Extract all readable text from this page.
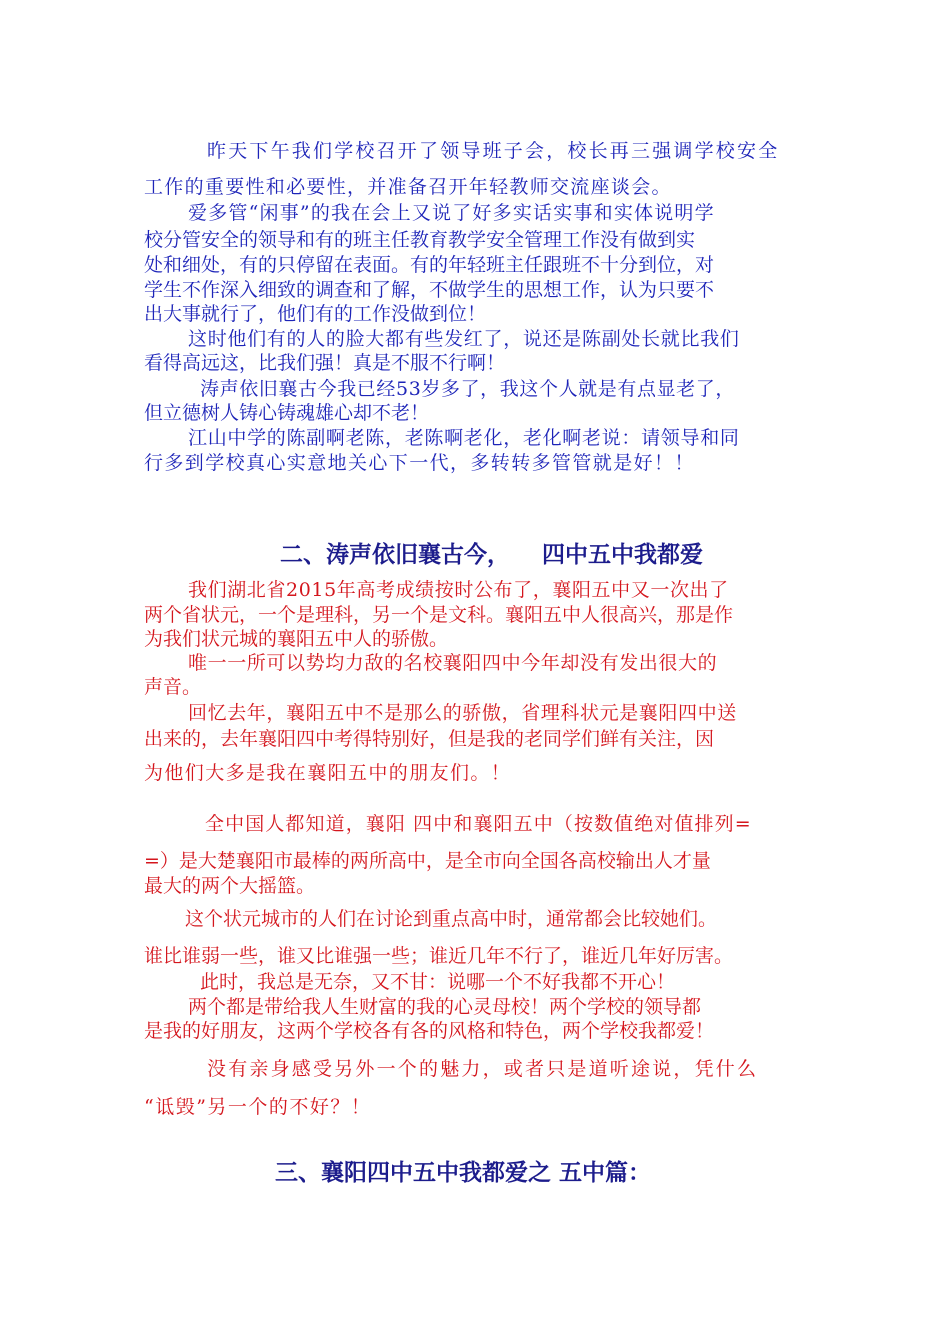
昨天下午我们学校召开了领导班子会，校长再三强调学校安全

工作的重要性和必要性，并准备召开年轻教师交流座谈会。

爱多管“闲事”的我在会上又说了好多实话实事和实体说明学

校分管安全的领导和有的班主任教育教学安全管理工作没有做到实

处和细处，有的只停留在表面。有的年轻班主任跟班不十分到位，对

学生不作深入细致的调查和了解，不做学生的思想工作，认为只要不

出大事就行了，他们有的工作没做到位！

这时他们有的人的脸大都有些发红了，说还是陈副处长就比我们

看得高远这，比我们强！真是不服不行啊！

涛声依旧襄古今我已经53岁多了，我这个人就是有点显老了，

但立德树人铸心铸魂雄心却不老！

江山中学的陈副啊老陈，老陈啊老化，老化啊老说：请领导和同

行多到学校真心实意地关心下一代，多转转多管管就是好！！

二、涛声依旧襄古今，    四中五中我都爱

我们湖北省2015年高考成绩按时公布了，襄阳五中又一次出了

两个省状元，一个是理科，另一个是文科。襄阳五中人很高兴，那是作

为我们状元城的襄阳五中人的骄傲。

唯一一所可以势均力敌的名校襄阳四中今年却没有发出很大的

声音。

回忆去年，襄阳五中不是那么的骄傲，省理科状元是襄阳四中送

出来的，去年襄阳四中考得特别好，但是我的老同学们鲜有关注，因

为他们大多是我在襄阳五中的朋友们。！

全中国人都知道，襄阳 四中和襄阳五中（按数值绝对值排列=

=）是大楚襄阳市最棒的两所高中，是全市向全国各高校输出人才量

最大的两个大摇篮。

这个状元城市的人们在讨论到重点高中时，通常都会比较她们。

谁比谁弱一些，谁又比谁强一些；谁近几年不行了，谁近几年好厉害。

此时，我总是无奈，又不甘：说哪一个不好我都不开心！

两个都是带给我人生财富的我的心灵母校！两个学校的领导都

是我的好朋友，这两个学校各有各的风格和特色，两个学校我都爱！

没有亲身感受另外一个的魅力，或者只是道听途说，凭什么

“诋毁”另一个的不好？！

三、襄阳四中五中我都爱之 五中篇：
